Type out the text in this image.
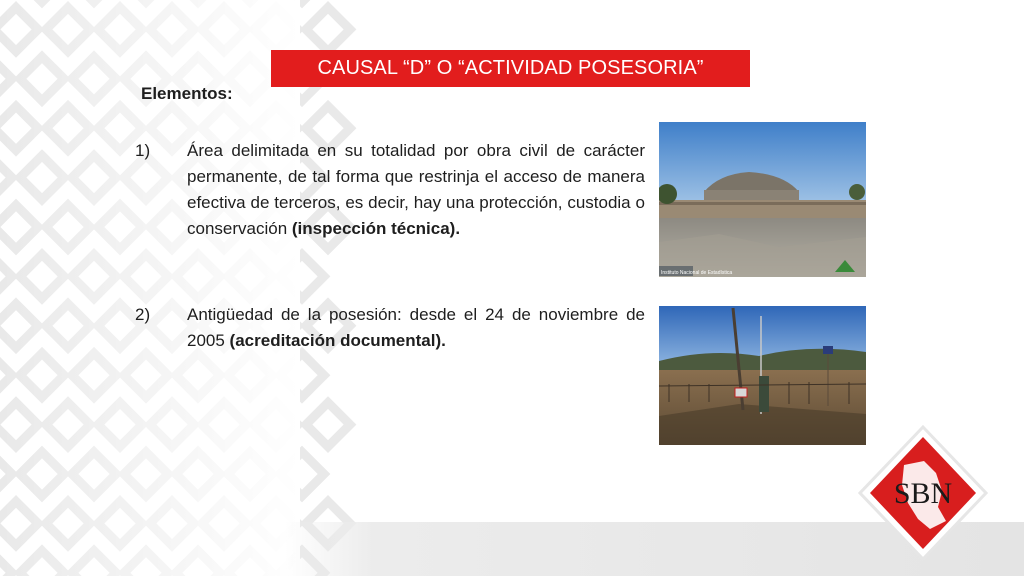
CAUSAL “D” O “ACTIVIDAD POSESORIA”
Elementos:
1) Área delimitada en su totalidad por obra civil de carácter permanente, de tal forma que restrinja el acceso de manera efectiva de terceros, es decir, hay una protección, custodia o conservación (inspección técnica).
2) Antigüedad de la posesión: desde el 24 de noviembre de 2005 (acreditación documental).
Instituto Nacional de Estadística
SBN
